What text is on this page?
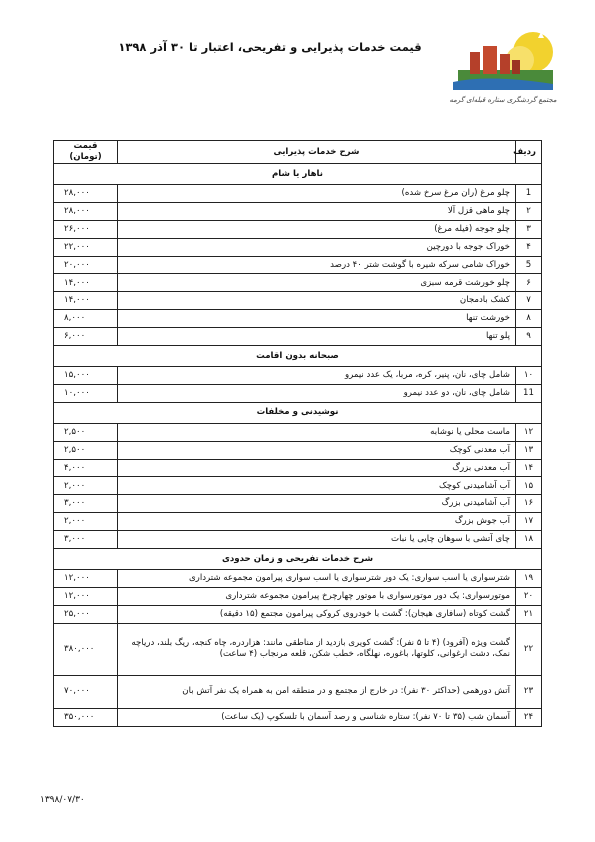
قیمت خدمات پذیرایی و تفریحی، اعتبار تا ۳۰ آذر ۱۳۹۸
مجتمع گردشگری ستاره قبله‌ای گرمه
ردیف	شرح خدمات پذیرایی	قیمت (تومان)
ناهار یا شام		
1	چلو مرغ (ران مرغ سرخ شده)	۲۸,۰۰۰
۲	چلو ماهی قزل آلا	۲۸,۰۰۰
۳	چلو جوجه (فیله مرغ)	۲۶,۰۰۰
۴	خوراک جوجه با دورچین	۲۲,۰۰۰
5	خوراک شامی سرکه شیره با گوشت شتر ۴۰ درصد	۲۰,۰۰۰
۶	چلو خورشت قرمه سبزی	۱۴,۰۰۰
۷	کشک بادمجان	۱۴,۰۰۰
۸	خورشت تنها	۸,۰۰۰
۹	پلو تنها	۶,۰۰۰
صبحانه بدون اقامت		
۱۰	شامل چای، نان، پنیر، کره، مربا، یک عدد نیمرو	۱۵,۰۰۰
11	شامل چای، نان، دو عدد نیمرو	۱۰,۰۰۰
نوشیدنی و مخلفات		
۱۲	ماست محلی یا نوشابه	۲,۵۰۰
۱۳	آب معدنی کوچک	۲,۵۰۰
۱۴	آب معدنی بزرگ	۴,۰۰۰
۱۵	آب آشامیدنی کوچک	۲,۰۰۰
۱۶	آب آشامیدنی بزرگ	۳,۰۰۰
۱۷	آب جوش بزرگ	۲,۰۰۰
۱۸	چای آتشی با سوهان چایی یا نبات	۳,۰۰۰
شرح خدمات تفریحی و زمان حدودی		
۱۹	شترسواری یا اسب سواری: یک دور شترسواری یا اسب سواری پیرامون مجموعه شترداری	۱۲,۰۰۰
۲۰	موتورسواری: یک دور موتورسواری با موتور چهارچرخ پیرامون مجموعه شترداری	۱۲,۰۰۰
۲۱	گشت کوتاه (سافاری هیجان): گشت با خودروی کروکی پیرامون مجتمع (۱۵ دقیقه)	۲۵,۰۰۰
۲۲	گشت ویژه (آفرود) (۴ تا ۵ نفر): گشت کویری بازدید از مناطقی مانند: هزاردره، چاه کنجه، ریگ بلند، دریاچه نمک، دشت ارغوانی، کلوتها، باغوره، نهلگاه، خطب شکن، قلعه مرنجاب (۴ ساعت)	۳۸۰,۰۰۰
۲۳	آتش دورهمی (حداکثر ۳۰ نفر): در خارج از مجتمع و در منطقه امن به همراه یک نفر آتش بان	۷۰,۰۰۰
۲۴	آسمان شب (۳۵ تا ۷۰ نفر): ستاره شناسی و رصد آسمان با تلسکوپ (یک ساعت)	۳۵۰,۰۰۰
۱۳۹۸/۰۷/۳۰
